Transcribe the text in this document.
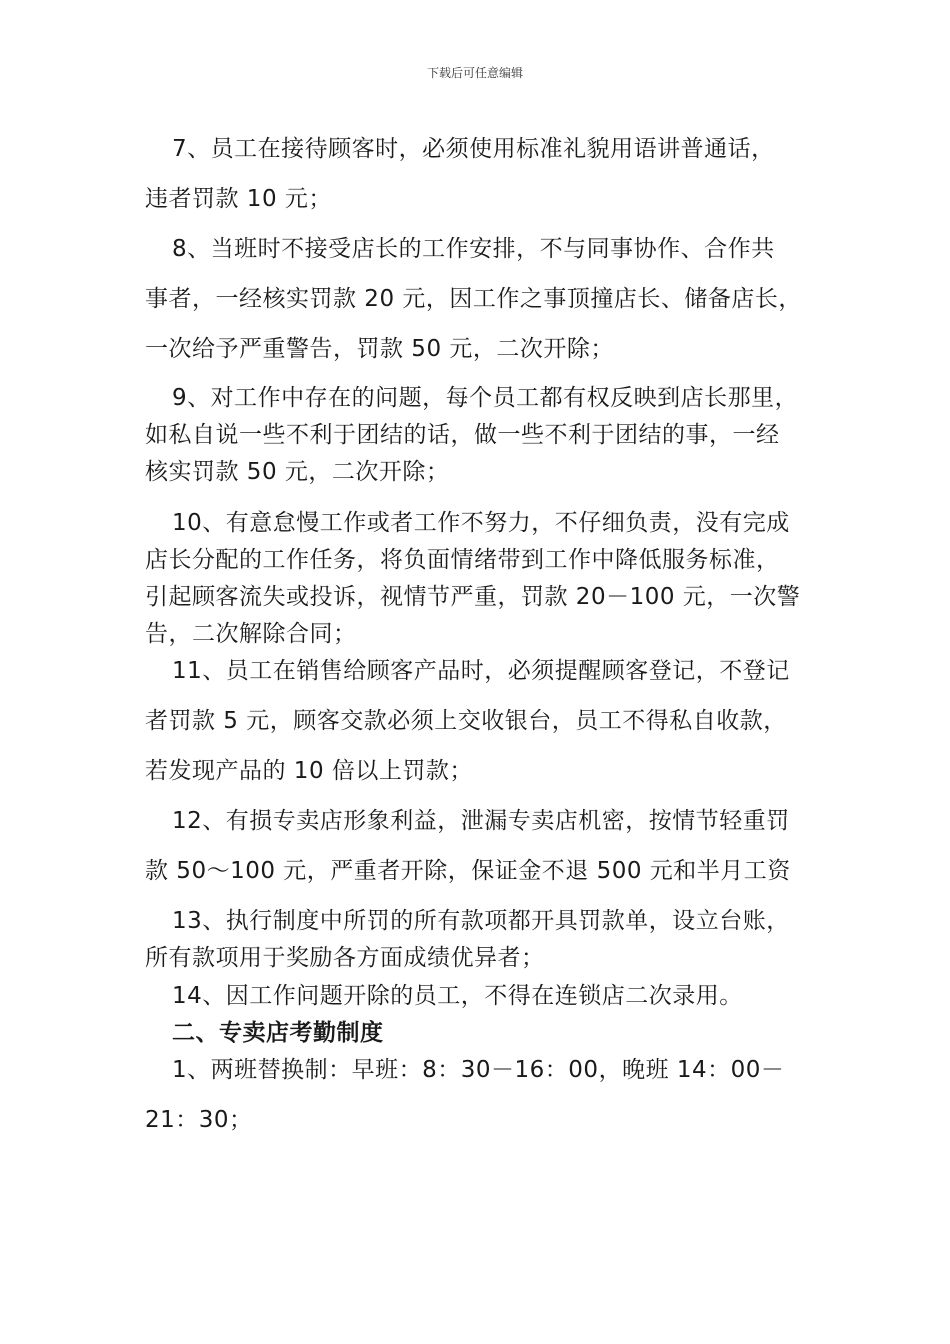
下载后可任意编辑
7、员工在接待顾客时，必须使用标准礼貌用语讲普通话，
违者罚款 10 元；
8、当班时不接受店长的工作安排，不与同事协作、合作共
事者，一经核实罚款 20 元，因工作之事顶撞店长、储备店长，
一次给予严重警告，罚款 50 元，二次开除；
9、对工作中存在的问题，每个员工都有权反映到店长那里，
如私自说一些不利于团结的话，做一些不利于团结的事，一经
核实罚款 50 元，二次开除；
10、有意怠慢工作或者工作不努力，不仔细负责，没有完成
店长分配的工作任务，将负面情绪带到工作中降低服务标准，
引起顾客流失或投诉，视情节严重，罚款 20－100 元，一次警
告，二次解除合同；
11、员工在销售给顾客产品时，必须提醒顾客登记，不登记
者罚款 5 元，顾客交款必须上交收银台，员工不得私自收款，
若发现产品的 10 倍以上罚款；
12、有损专卖店形象利益，泄漏专卖店机密，按情节轻重罚
款 50～100 元，严重者开除，保证金不退 500 元和半月工资
13、执行制度中所罚的所有款项都开具罚款单，设立台账，
所有款项用于奖励各方面成绩优异者；
14、因工作问题开除的员工，不得在连锁店二次录用。
二、专卖店考勤制度
1、两班替换制：早班：8：30－16：00，晚班 14：00－
21：30；
